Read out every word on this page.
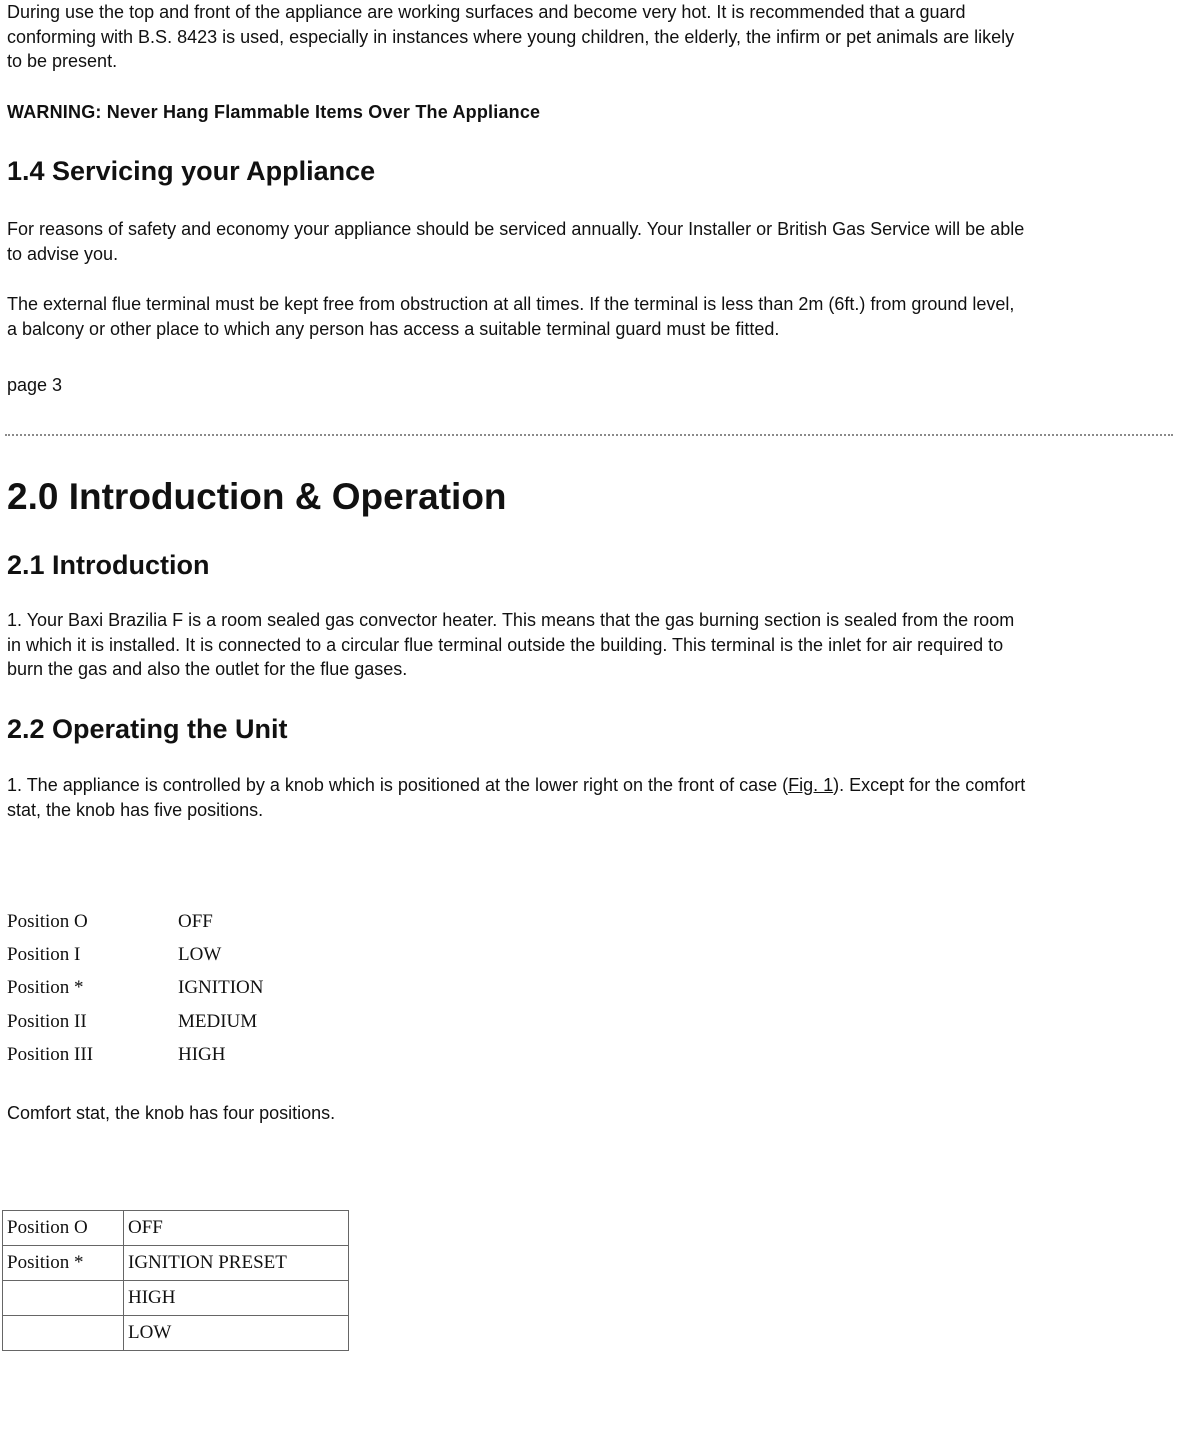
During use the top and front of the appliance are working surfaces and become very hot. It is recommended that a guard
conforming with B.S. 8423 is used, especially in instances where young children, the elderly, the infirm or pet animals are likely
to be present.

WARNING: Never Hang Flammable Items Over The Appliance

1.4 Servicing your Appliance

For reasons of safety and economy your appliance should be serviced annually. Your Installer or British Gas Service will be able
to advise you.

The external flue terminal must be kept free from obstruction at all times. If the terminal is less than 2m (6ft.) from ground level,
a balcony or other place to which any person has access a suitable terminal guard must be fitted.

page 3

2.0 Introduction & Operation
2.1 Introduction

1. Your Baxi Brazilia F is a room sealed gas convector heater. This means that the gas burning section is sealed from the room
in which it is installed. It is connected to a circular flue terminal outside the building. This terminal is the inlet for air required to
burn the gas and also the outlet for the flue gases.

2.2 Operating the Unit

1. The appliance is controlled by a knob which is positioned at the lower right on the front of case (Fig. 1). Except for the comfort
stat, the knob has five positions.

Position O	OFF
Position I	LOW
Position *	IGNITION
Position II	MEDIUM
Position III	HIGH

Comfort stat, the knob has four positions.

Position O	OFF
Position *	IGNITION PRESET
	HIGH
	LOW
